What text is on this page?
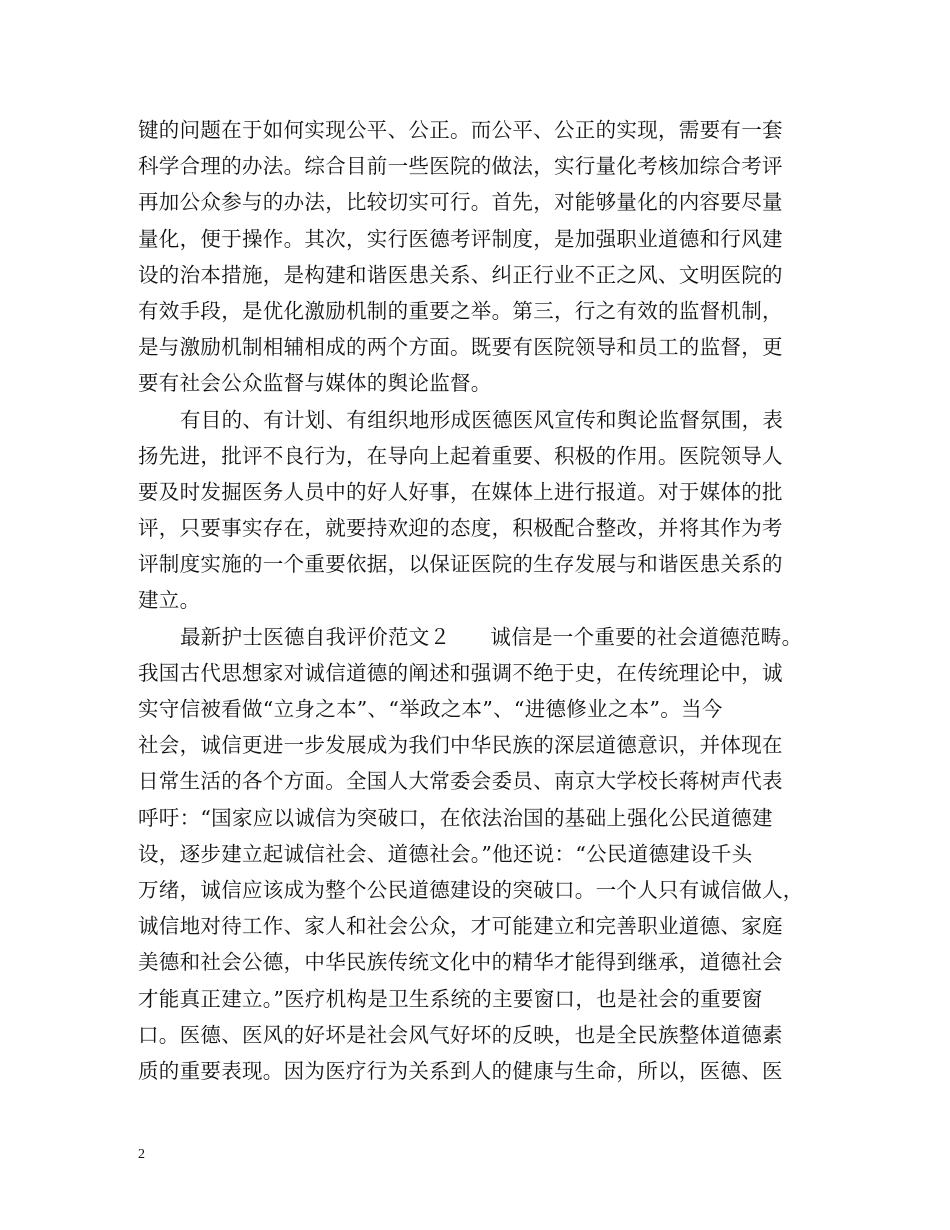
键的问题在于如何实现公平、公正。而公平、公正的实现，需要有一套
科学合理的办法。综合目前一些医院的做法，实行量化考核加综合考评
再加公众参与的办法，比较切实可行。首先，对能够量化的内容要尽量
量化，便于操作。其次，实行医德考评制度，是加强职业道德和行风建
设的治本措施，是构建和谐医患关系、纠正行业不正之风、文明医院的
有效手段，是优化激励机制的重要之举。第三，行之有效的监督机制，
是与激励机制相辅相成的两个方面。既要有医院领导和员工的监督，更
要有社会公众监督与媒体的舆论监督。
有目的、有计划、有组织地形成医德医风宣传和舆论监督氛围，表
扬先进，批评不良行为，在导向上起着重要、积极的作用。医院领导人
要及时发掘医务人员中的好人好事，在媒体上进行报道。对于媒体的批
评，只要事实存在，就要持欢迎的态度，积极配合整改，并将其作为考
评制度实施的一个重要依据，以保证医院的生存发展与和谐医患关系的
建立。
最新护士医德自我评价范文２ 诚信是一个重要的社会道德范畴。
我国古代思想家对诚信道德的阐述和强调不绝于史，在传统理论中，诚
实守信被看做“立身之本”、“举政之本”、“进德修业之本”。当今
社会，诚信更进一步发展成为我们中华民族的深层道德意识，并体现在
日常生活的各个方面。全国人大常委会委员、南京大学校长蒋树声代表
呼吁：“国家应以诚信为突破口，在依法治国的基础上强化公民道德建
设，逐步建立起诚信社会、道德社会。”他还说：“公民道德建设千头
万绪，诚信应该成为整个公民道德建设的突破口。一个人只有诚信做人，
诚信地对待工作、家人和社会公众，才可能建立和完善职业道德、家庭
美德和社会公德，中华民族传统文化中的精华才能得到继承，道德社会
才能真正建立。”医疗机构是卫生系统的主要窗口，也是社会的重要窗
口。医德、医风的好坏是社会风气好坏的反映，也是全民族整体道德素
质的重要表现。因为医疗行为关系到人的健康与生命，所以，医德、医
2
